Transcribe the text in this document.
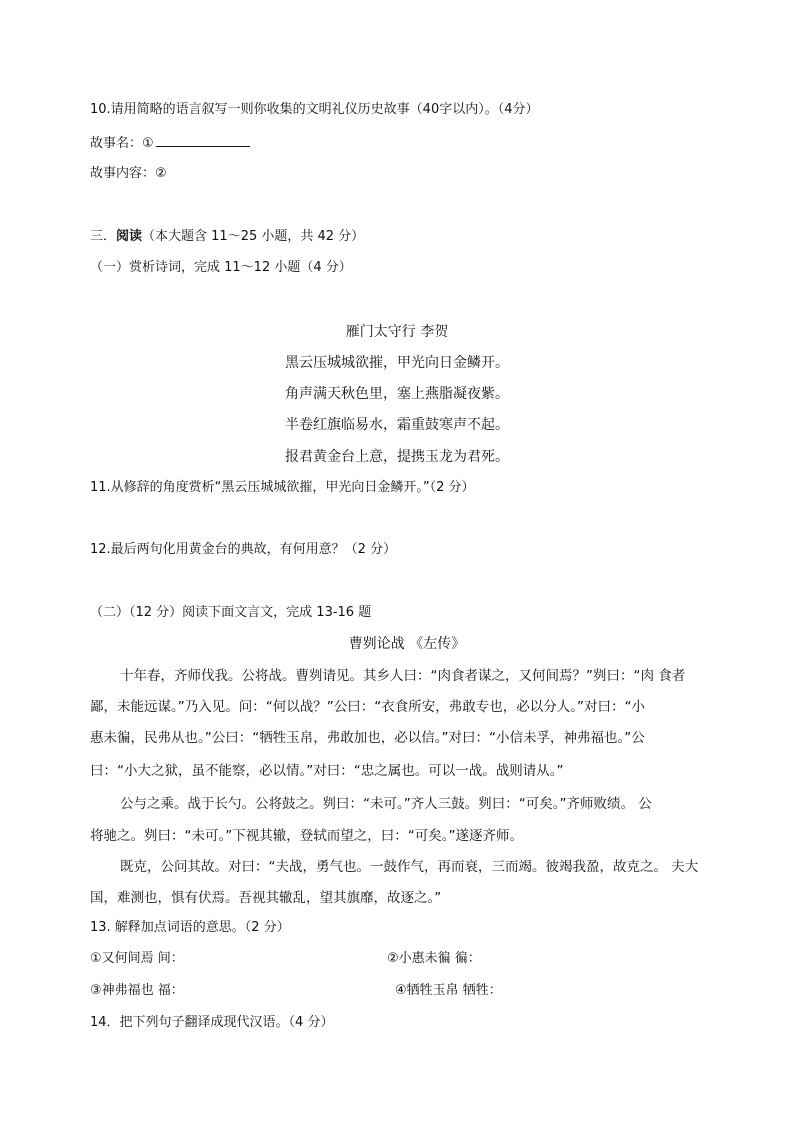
10.请用简略的语言叙写一则你收集的文明礼仪历史故事（40字以内）。（4分）
故事名：①
故事内容：②
三．阅读（本大题含 11～25 小题，共 42 分）
（一）赏析诗词，完成 11～12 小题（4 分）
雁门太守行 李贺
黑云压城城欲摧，甲光向日金鳞开。
角声满天秋色里，塞上燕脂凝夜紫。
半卷红旗临易水，霜重鼓寒声不起。
报君黄金台上意，提携玉龙为君死。
11.从修辞的角度赏析“黑云压城城欲摧，甲光向日金鳞开。”（2 分）
12.最后两句化用黄金台的典故，有何用意？（2 分）
（二）（12 分）阅读下面文言文，完成 13-16 题
曹刿论战 《左传》
十年春，齐师伐我。公将战。曹刿请见。其乡人曰：“肉食者谋之，又何间焉？”刿曰：“肉 食者
鄙，未能远谋。”乃入见。问：“何以战？”公曰：“衣食所安，弗敢专也，必以分人。”对曰：“小
惠未徧，民弗从也。”公曰：“牺牲玉帛，弗敢加也，必以信。”对曰：“小信未孚，神弗福也。”公
曰：“小大之狱，虽不能察，必以情。”对曰：“忠之属也。可以一战。战则请从。”
公与之乘。战于长勺。公将鼓之。刿曰：“未可。”齐人三鼓。刿曰：“可矣。”齐师败绩。 公
将驰之。刿曰：“未可。”下视其辙，登轼而望之，曰：“可矣。”遂逐齐师。
既克，公问其故。对曰：“夫战，勇气也。一鼓作气，再而衰，三而竭。彼竭我盈，故克之。 夫大
国，难测也，惧有伏焉。吾视其辙乱，望其旗靡，故逐之。”
13. 解释加点词语的意思。（2 分）
①又何间焉 间：	②小惠未徧 徧：
③神弗福也 福：	④牺牲玉帛 牺牲：
14．把下列句子翻译成现代汉语。（4 分）
